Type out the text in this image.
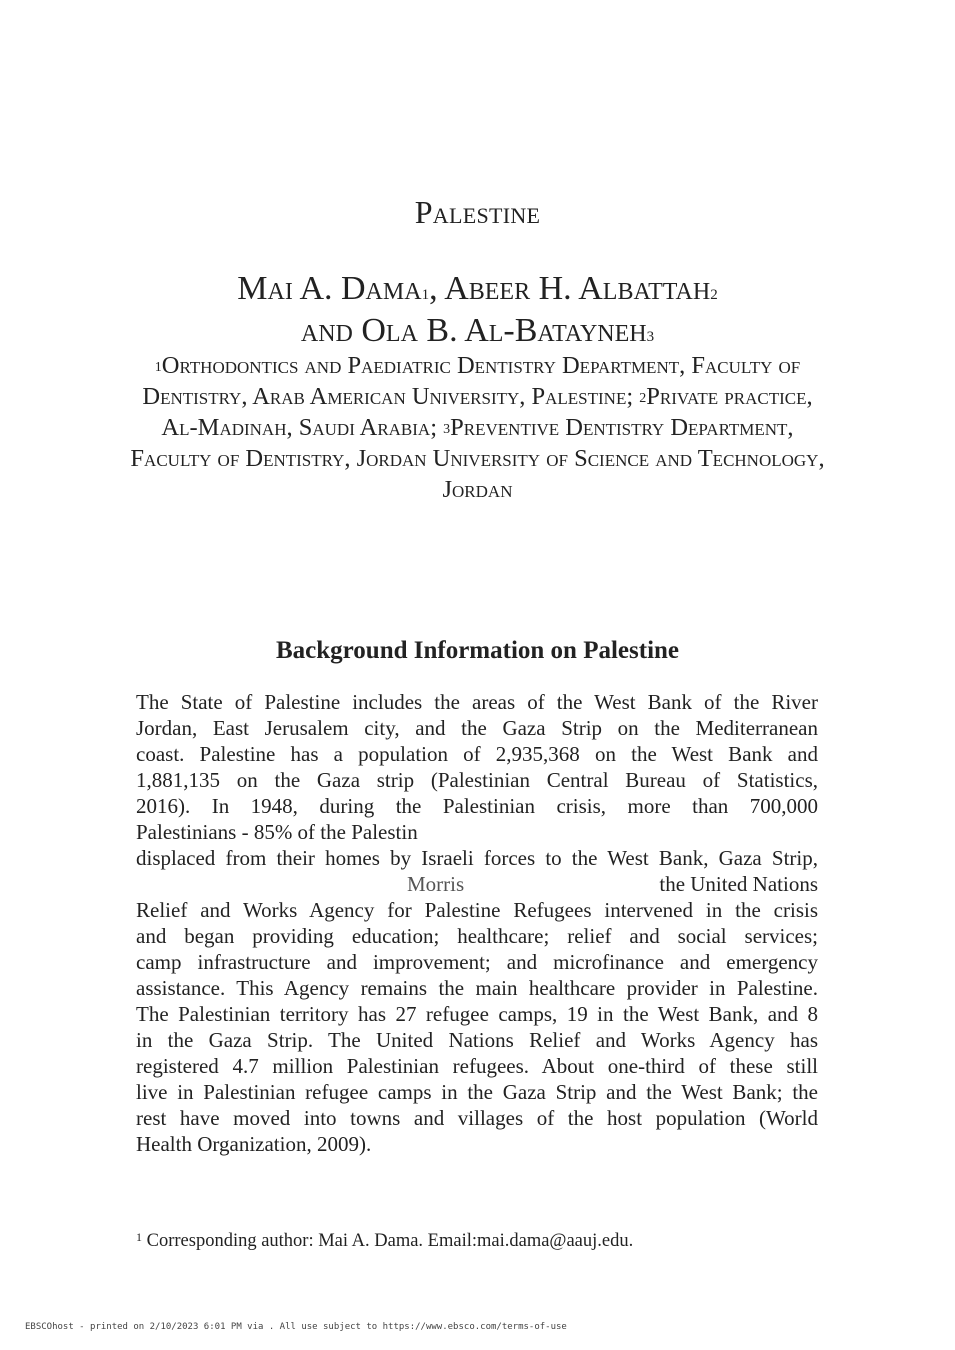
Palestine
Mai A. Dama$^1$, Abeer H. Albattah$^2$
and Ola B. Al-Batayneh$^3$

$^1$Orthodontics and Paediatric Dentistry Department, Faculty of Dentistry, Arab American University, Palestine; $^2$Private practice, Al-Madinah, Saudi Arabia; $^3$Preventive Dentistry Department, Faculty of Dentistry, Jordan University of Science and Technology, Jordan

Background Information on Palestine
The State of Palestine includes the areas of the West Bank of the River
Jordan, East Jerusalem city, and the Gaza Strip on the Mediterranean
coast. Palestine has a population of 2,935,368 on the West Bank and
1,881,135 on the Gaza strip (Palestinian Central Bureau of Statistics,
2016). In 1948, during the Palestinian crisis, more than 700,000
Palestinians - 85% of the Palestin
displaced from their homes by Israeli forces to the West Bank, Gaza Strip,
Morris	the United Nations
Relief and Works Agency for Palestine Refugees intervened in the crisis
and began providing education; healthcare; relief and social services;
camp infrastructure and improvement; and microfinance and emergency
assistance. This Agency remains the main healthcare provider in Palestine.
The Palestinian territory has 27 refugee camps, 19 in the West Bank, and 8
in the Gaza Strip. The United Nations Relief and Works Agency has
registered 4.7 million Palestinian refugees. About one-third of these still
live in Palestinian refugee camps in the Gaza Strip and the West Bank; the
rest have moved into towns and villages of the host population (World
Health Organization, 2009).

$^1$ Corresponding author: Mai A. Dama. Email:mai.dama@aauj.edu.

EBSCOhost - printed on 2/10/2023 6:01 PM via . All use subject to https://www.ebsco.com/terms-of-use
